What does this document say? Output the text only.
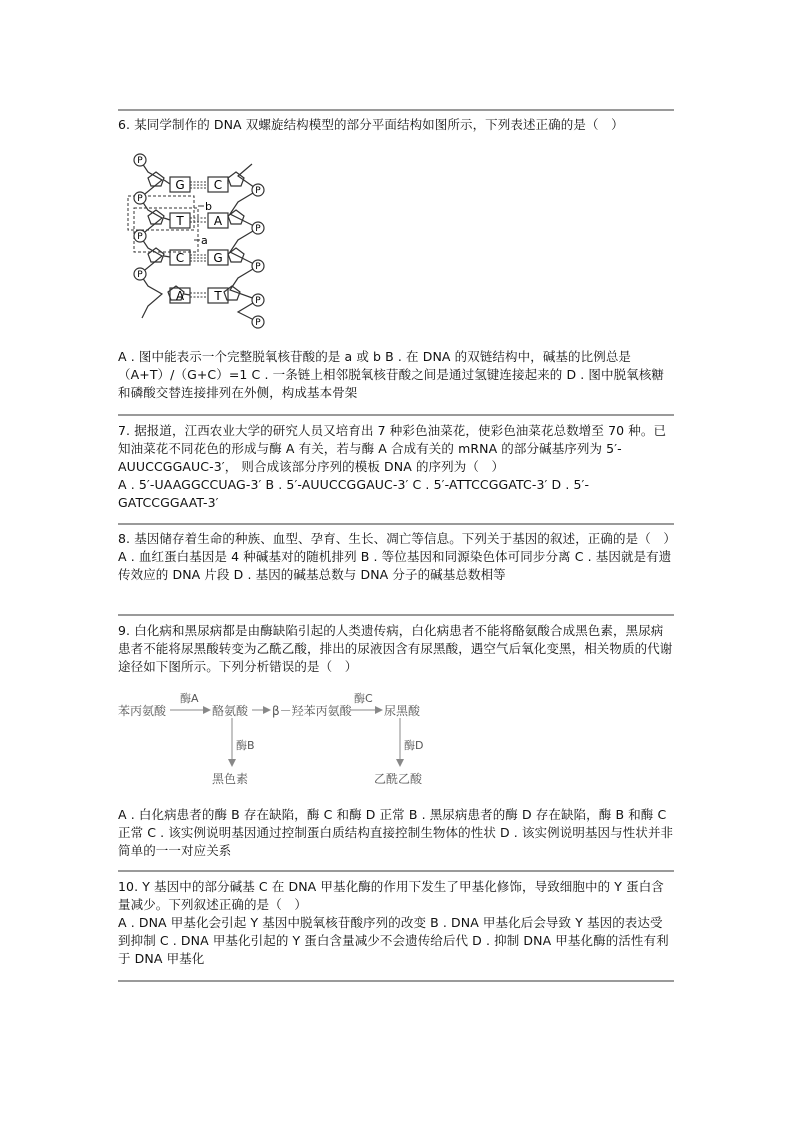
6. 某同学制作的 DNA 双螺旋结构模型的部分平面结构如图所示，下列表述正确的是（　）

b
a
G C
T	A
C G
A	T
P
P
P
P
P
P
P
P
P

A . 图中能表示一个完整脱氧核苷酸的是 a 或 b B . 在 DNA 的双链结构中，碱基的比例总是（A+T）/（G+C）=1 C . 一条链上相邻脱氧核苷酸之间是通过氢键连接起来的 D . 图中脱氧核糖和磷酸交替连接排列在外侧，构成基本骨架

7. 据报道，江西农业大学的研究人员又培育出 7 种彩色油菜花，使彩色油菜花总数增至 70 种。已知油菜花不同花色的形成与酶 A 有关，若与酶 A 合成有关的 mRNA 的部分碱基序列为 5′-AUUCCGGAUC-3′， 则合成该部分序列的模板 DNA 的序列为（　）

A . 5′-UAAGGCCUAG-3′ B . 5′-AUUCCGGAUC-3′ C . 5′-ATTCCGGATC-3′ D . 5′-GATCCGGAAT-3′

8. 基因储存着生命的种族、血型、孕育、生长、凋亡等信息。下列关于基因的叙述，正确的是（　）

A . 血红蛋白基因是 4 种碱基对的随机排列 B . 等位基因和同源染色体可同步分离 C . 基因就是有遗传效应的 DNA 片段 D . 基因的碱基总数与 DNA 分子的碱基总数相等

9. 白化病和黑尿病都是由酶缺陷引起的人类遗传病，白化病患者不能将酪氨酸合成黑色素，黑尿病患者不能将尿黑酸转变为乙酰乙酸，排出的尿液因含有尿黑酸，遇空气后氧化变黑，相关物质的代谢途径如下图所示。下列分析错误的是（　）

苯丙氨酸	酪氨酸 β－羟苯丙氨酸	尿黑酸
黑色素	乙酰乙酸
酶A	酶C
酶B	酶D

A . 白化病患者的酶 B 存在缺陷，酶 C 和酶 D 正常 B . 黑尿病患者的酶 D 存在缺陷，酶 B 和酶 C 正常 C . 该实例说明基因通过控制蛋白质结构直接控制生物体的性状 D . 该实例说明基因与性状并非简单的一一对应关系

10. Y 基因中的部分碱基 C 在 DNA 甲基化酶的作用下发生了甲基化修饰，导致细胞中的 Y 蛋白含量减少。下列叙述正确的是（　）

A . DNA 甲基化会引起 Y 基因中脱氧核苷酸序列的改变 B . DNA 甲基化后会导致 Y 基因的表达受到抑制 C . DNA 甲基化引起的 Y 蛋白含量减少不会遗传给后代 D . 抑制 DNA 甲基化酶的活性有利于 DNA 甲基化
